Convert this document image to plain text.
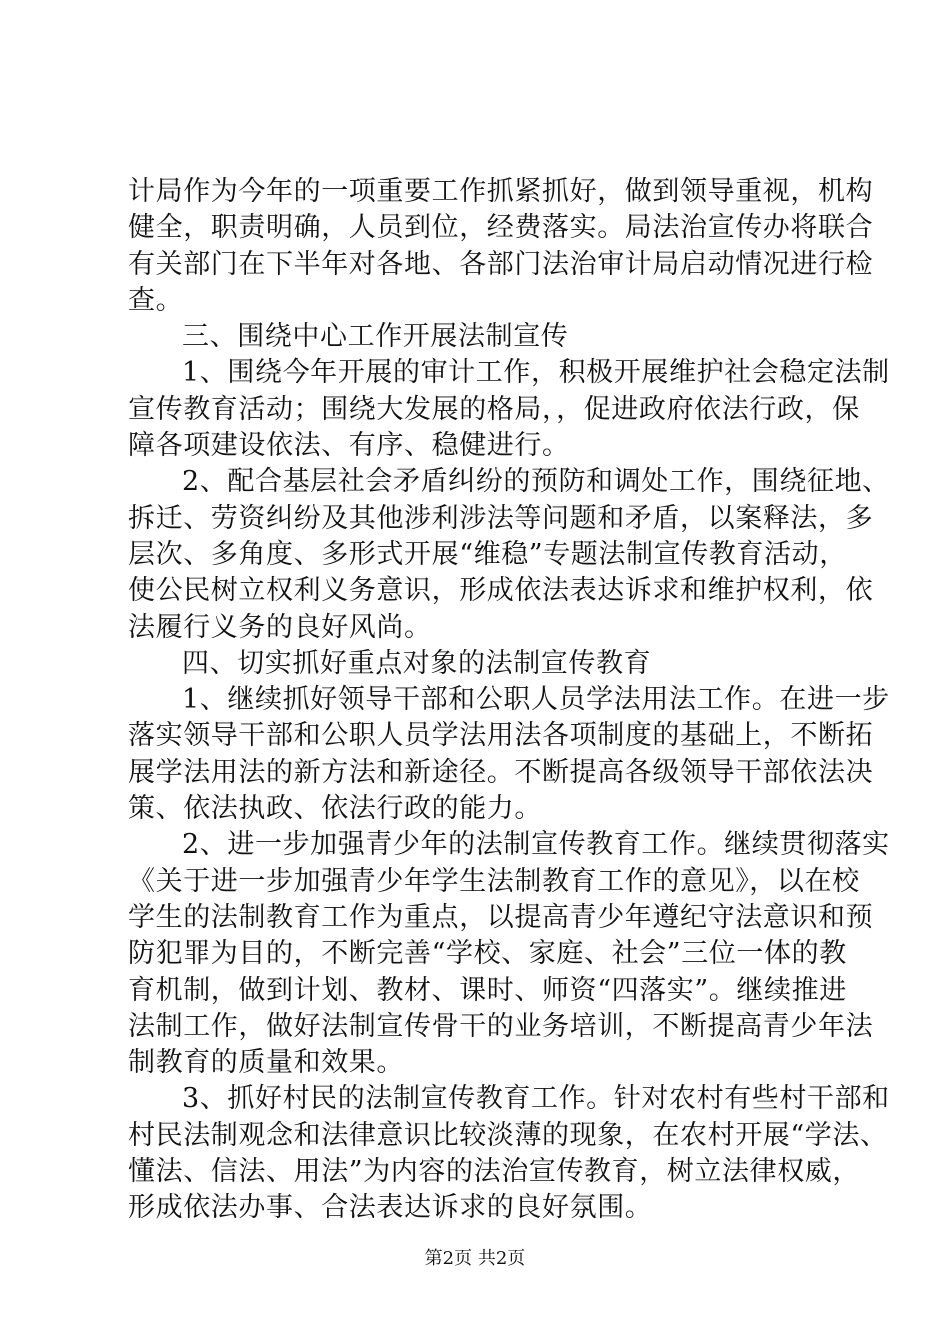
计局作为今年的一项重要工作抓紧抓好，做到领导重视，机构
健全，职责明确，人员到位，经费落实。局法治宣传办将联合
有关部门在下半年对各地、各部门法治审计局启动情况进行检
查。
三、围绕中心工作开展法制宣传
1、围绕今年开展的审计工作，积极开展维护社会稳定法制
宣传教育活动；围绕大发展的格局，，促进政府依法行政，保
障各项建设依法、有序、稳健进行。
2、配合基层社会矛盾纠纷的预防和调处工作，围绕征地、
拆迁、劳资纠纷及其他涉利涉法等问题和矛盾，以案释法，多
层次、多角度、多形式开展“维稳”专题法制宣传教育活动，
使公民树立权利义务意识，形成依法表达诉求和维护权利，依
法履行义务的良好风尚。
四、切实抓好重点对象的法制宣传教育
1、继续抓好领导干部和公职人员学法用法工作。在进一步
落实领导干部和公职人员学法用法各项制度的基础上，不断拓
展学法用法的新方法和新途径。不断提高各级领导干部依法决
策、依法执政、依法行政的能力。
2、进一步加强青少年的法制宣传教育工作。继续贯彻落实
《关于进一步加强青少年学生法制教育工作的意见》，以在校
学生的法制教育工作为重点，以提高青少年遵纪守法意识和预
防犯罪为目的，不断完善“学校、家庭、社会”三位一体的教
育机制，做到计划、教材、课时、师资“四落实”。继续推进
法制工作，做好法制宣传骨干的业务培训，不断提高青少年法
制教育的质量和效果。
3、抓好村民的法制宣传教育工作。针对农村有些村干部和
村民法制观念和法律意识比较淡薄的现象，在农村开展“学法、
懂法、信法、用法”为内容的法治宣传教育，树立法律权威，
形成依法办事、合法表达诉求的良好氛围。
第2页 共2页
